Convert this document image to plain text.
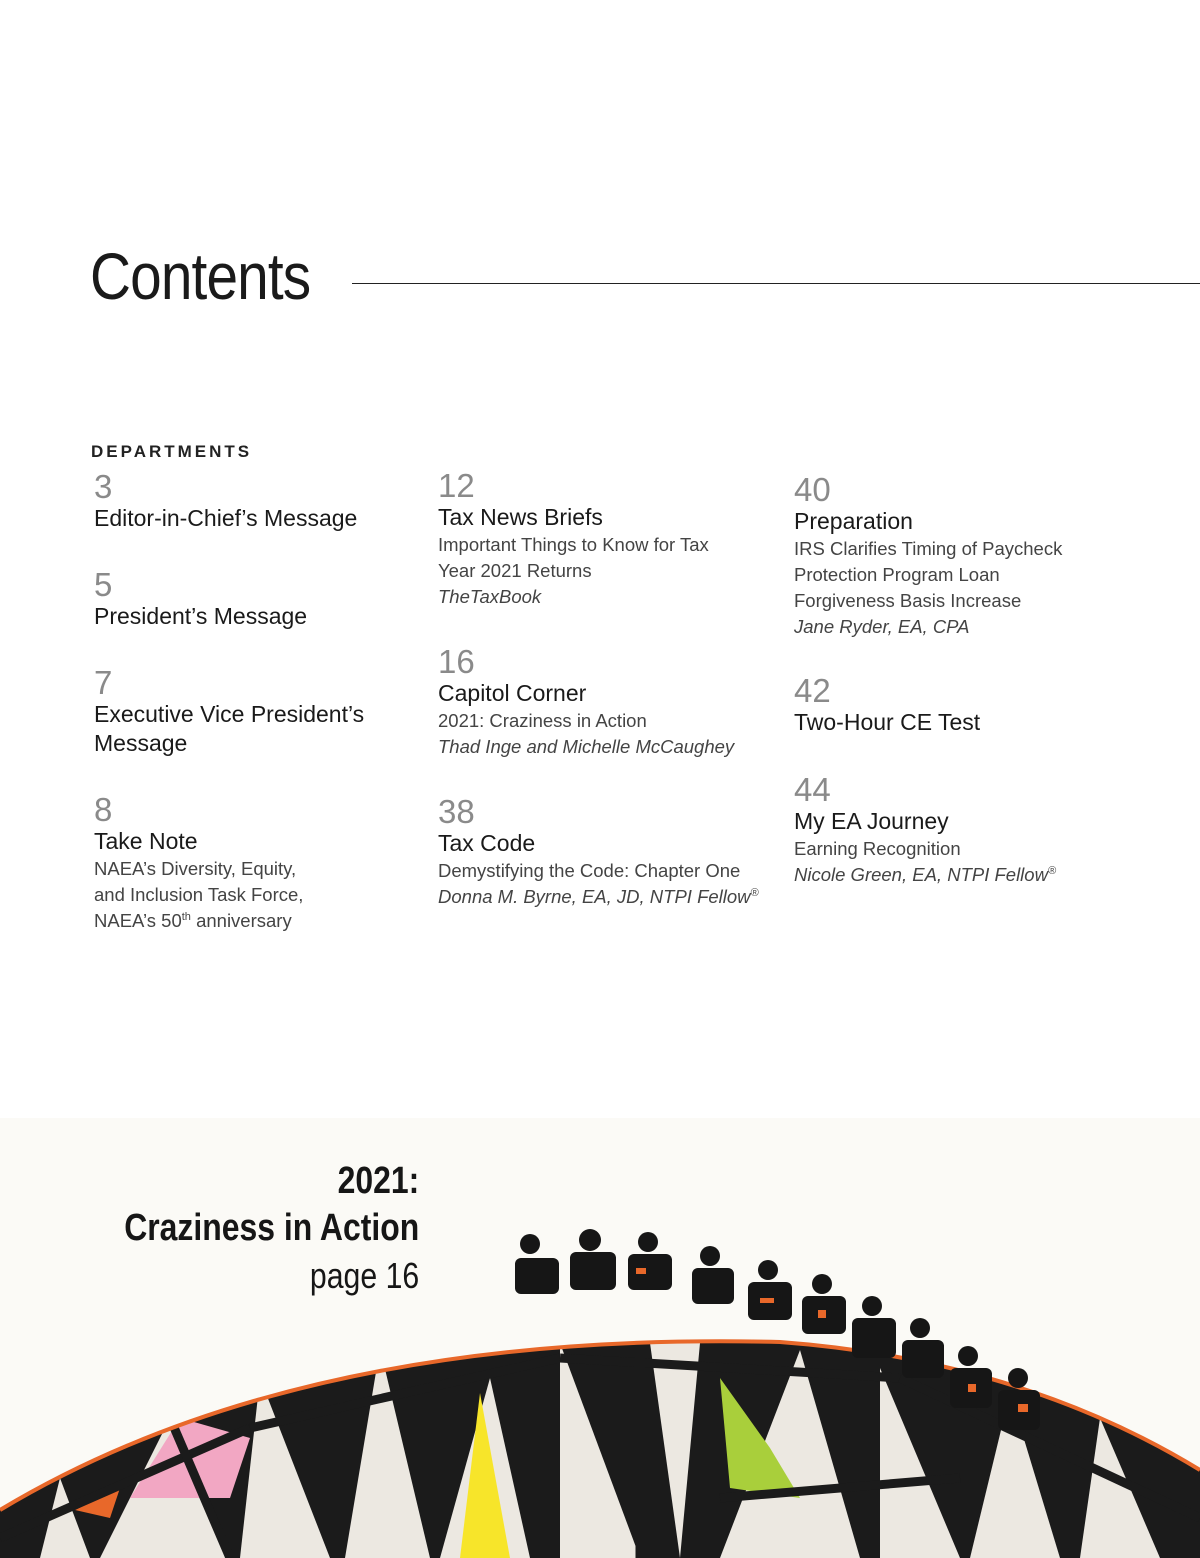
Contents
DEPARTMENTS
3
Editor-in-Chief’s Message
5
President’s Message
7
Executive Vice President’s
Message
8
Take Note
NAEA’s Diversity, Equity,
and Inclusion Task Force,
NAEA’s 50th anniversary
12
Tax News Briefs
Important Things to Know for Tax
Year 2021 Returns
TheTaxBook
16
Capitol Corner
2021: Craziness in Action
Thad Inge and Michelle McCaughey
38
Tax Code
Demystifying the Code: Chapter One
Donna M. Byrne, EA, JD, NTPI Fellow®
40
Preparation
IRS Clarifies Timing of Paycheck
Protection Program Loan
Forgiveness Basis Increase
Jane Ryder, EA, CPA
42
Two-Hour CE Test
44
My EA Journey
Earning Recognition
Nicole Green, EA, NTPI Fellow®
2021:
Craziness in Action
page 16
